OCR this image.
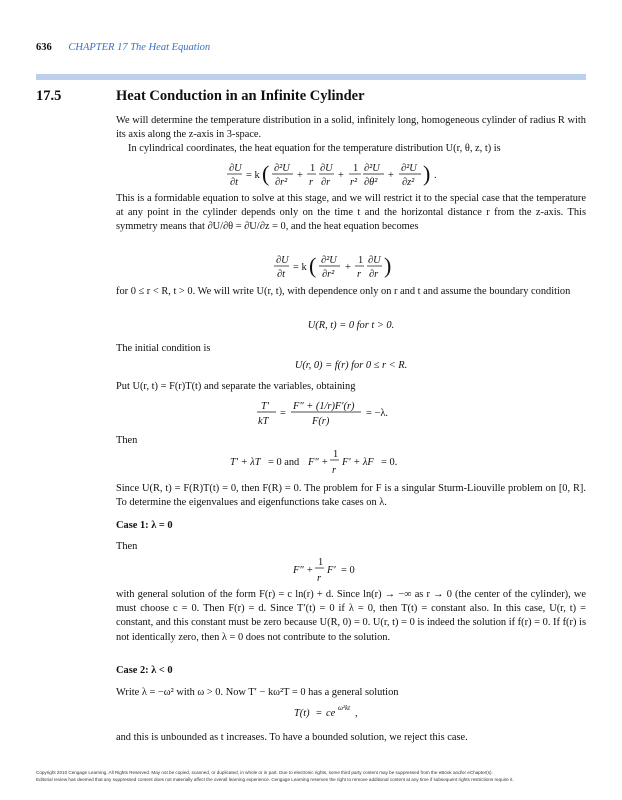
636 CHAPTER 17 The Heat Equation
17.5	Heat Conduction in an Infinite Cylinder
We will determine the temperature distribution in a solid, infinitely long, homogeneous cylinder of radius R with its axis along the z-axis in 3-space.
In cylindrical coordinates, the heat equation for the temperature distribution U(r, θ, z, t) is
∂U
∂t
= k ( ∂²U
∂r²
+
1
r
∂U
∂r
+
1
r²
∂²U
∂θ²
+
∂²U
∂z² ) .
This is a formidable equation to solve at this stage, and we will restrict it to the special case that the temperature at any point in the cylinder depends only on the time t and the horizontal distance r from the z-axis. This symmetry means that ∂U/∂θ = ∂U/∂z = 0, and the heat equation becomes
∂U
∂t
= k ( ∂²U
∂r²
+
1
r
∂U
∂r )
for 0 ≤ r < R, t > 0. We will write U(r, t), with dependence only on r and t and assume the boundary condition
U(R, t) = 0 for t > 0.
The initial condition is
U(r, 0) = f(r) for 0 ≤ r < R.
Put U(r, t) = F(r)T(t) and separate the variables, obtaining
T′
kT
=
F″ + (1/r)F′(r)
F(r)
= −λ.
Then
T′ + λT = 0 and F″ +
1
r
F′ + λF = 0.
Since U(R, t) = F(R)T(t) = 0, then F(R) = 0. The problem for F is a singular Sturm-Liouville problem on [0, R]. To determine the eigenvalues and eigenfunctions take cases on λ.
Case 1: λ = 0
Then
F″ +
1
r
F′ = 0
with general solution of the form F(r) = c ln(r) + d. Since ln(r) → −∞ as r → 0 (the center of the cylinder), we must choose c = 0. Then F(r) = d. Since T′(t) = 0 if λ = 0, then T(t) = constant also. In this case, U(r, t) = constant, and this constant must be zero because U(R, 0) = 0. U(r, t) = 0 is indeed the solution if f(r) = 0. If f(r) is not identically zero, then λ = 0 does not contribute to the solution.
Case 2: λ < 0
Write λ = −ω² with ω > 0. Now T′ − kω²T = 0 has a general solution
T(t) = ce ω²kt ,
and this is unbounded as t increases. To have a bounded solution, we reject this case.
Copyright 2010 Cengage Learning. All Rights Reserved. May not be copied, scanned, or duplicated, in whole or in part. Due to electronic rights, some third party content may be suppressed from the eBook and/or eChapter(s).
Editorial review has deemed that any suppressed content does not materially affect the overall learning experience. Cengage Learning reserves the right to remove additional content at any time if subsequent rights restrictions require it.
